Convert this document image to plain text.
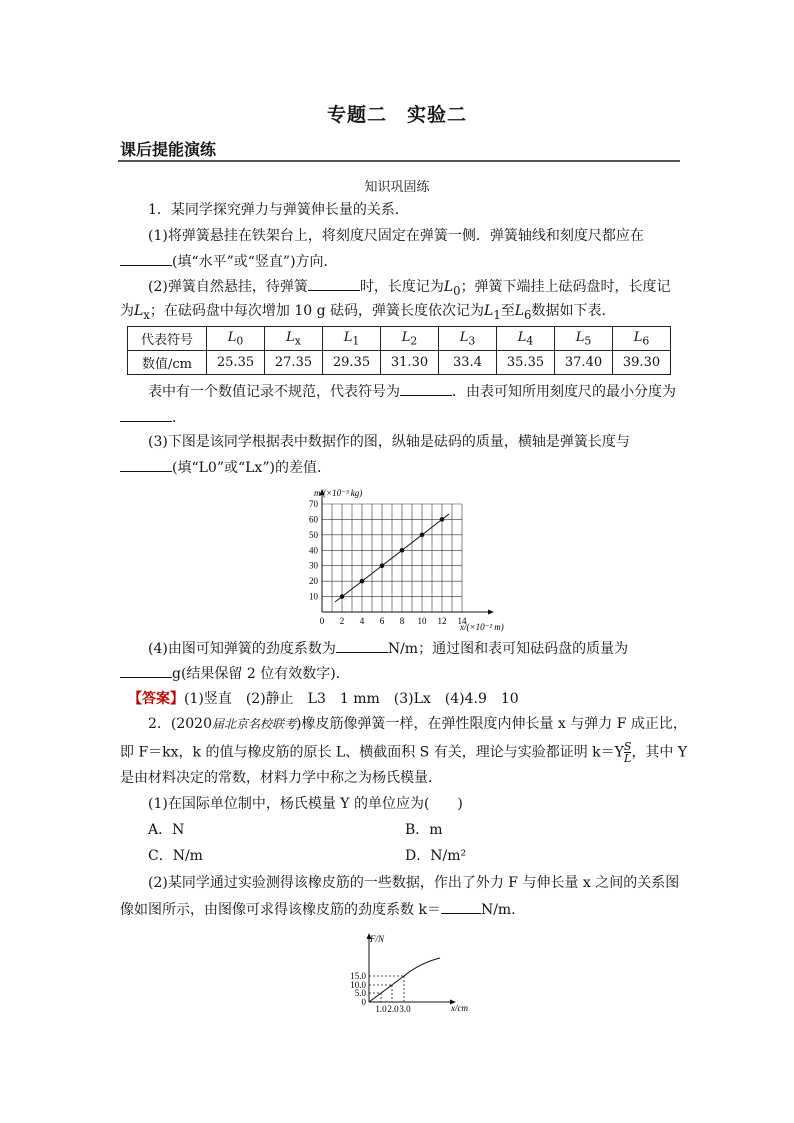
专题二　实验二
课后提能演练
知识巩固练
1．某同学探究弹力与弹簧伸长量的关系．
(1)将弹簧悬挂在铁架台上，将刻度尺固定在弹簧一侧．弹簧轴线和刻度尺都应在
(填“水平”或“竖直”)方向．
(2)弹簧自然悬挂，待弹簧	时，长度记为$L_0$；弹簧下端挂上砝码盘时，长度记
为$L_x$；在砝码盘中每次增加 10 g 砝码，弹簧长度依次记为$L_1$至$L_6$数据如下表．
代表符号	$L_0$	$L_x$	$L_1$	$L_2$	$L_3$	$L_4$	$L_5$	$L_6$
数值/cm	25.35	27.35	29.35	31.30	33.4	35.35	37.40	39.30
表中有一个数值记录不规范，代表符号为	．由表可知所用刻度尺的最小分度为
．
(3)下图是该同学根据表中数据作的图，纵轴是砝码的质量，横轴是弹簧长度与
(填“L0”或“Lx”)的差值．
0 2 4 6 8 10 12 14
10
20
30
40
50
60
70
m/(×10⁻³ kg)
x/(×10⁻² m)
(4)由图可知弹簧的劲度系数为	N/m；通过图和表可知砝码盘的质量为
g(结果保留 2 位有效数字)．
【答案】(1)竖直　(2)静止　L3　1 mm　(3)Lx　(4)4.9　10
2．(2020届北京名校联考)橡皮筋像弹簧一样，在弹性限度内伸长量 x 与弹力 F 成正比，
即 F＝kx，k 的值与橡皮筋的原长 L、横截面积 S 有关，理论与实验都证明 $k=Y \frac{S}{L}$ ，其中 Y
是由材料决定的常数，材料力学中称之为杨氏模量．
(1)在国际单位制中，杨氏模量 Y 的单位应为(　　)
A．N	B．m
C．N/m	D．N/m²
(2)某同学通过实验测得该橡皮筋的一些数据，作出了外力 F 与伸长量 x 之间的关系图
像如图所示，由图像可求得该橡皮筋的劲度系数 k＝	N/m.
F/N
x/cm
0
5.0
10.0
15.0
1.0 2.0 3.0
